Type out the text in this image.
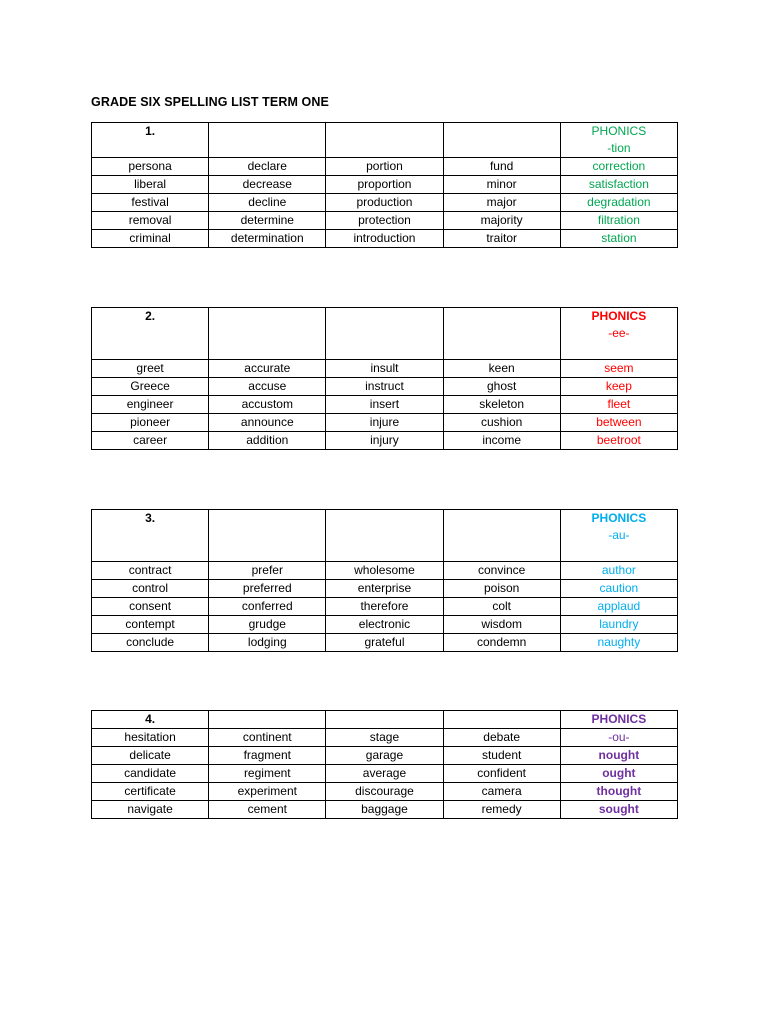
GRADE SIX SPELLING LIST TERM ONE
1.				PHONICS
-tion

persona	declare	portion	fund	correction
liberal	decrease	proportion	minor	satisfaction
festival	decline	production	major	degradation
removal	determine	protection	majority	filtration
criminal	determination	introduction	traitor	station
2.				PHONICS
-ee-

greet	accurate	insult	keen	seem
Greece	accuse	instruct	ghost	keep
engineer	accustom	insert	skeleton	fleet
pioneer	announce	injure	cushion	between
career	addition	injury	income	beetroot
3.				PHONICS
-au-

contract	prefer	wholesome	convince	author
control	preferred	enterprise	poison	caution
consent	conferred	therefore	colt	applaud
contempt	grudge	electronic	wisdom	laundry
conclude	lodging	grateful	condemn	naughty
4.				PHONICS
hesitation	continent	stage	debate	-ou-
delicate	fragment	garage	student	nought
candidate	regiment	average	confident	ought
certificate	experiment	discourage	camera	thought
navigate	cement	baggage	remedy	sought
